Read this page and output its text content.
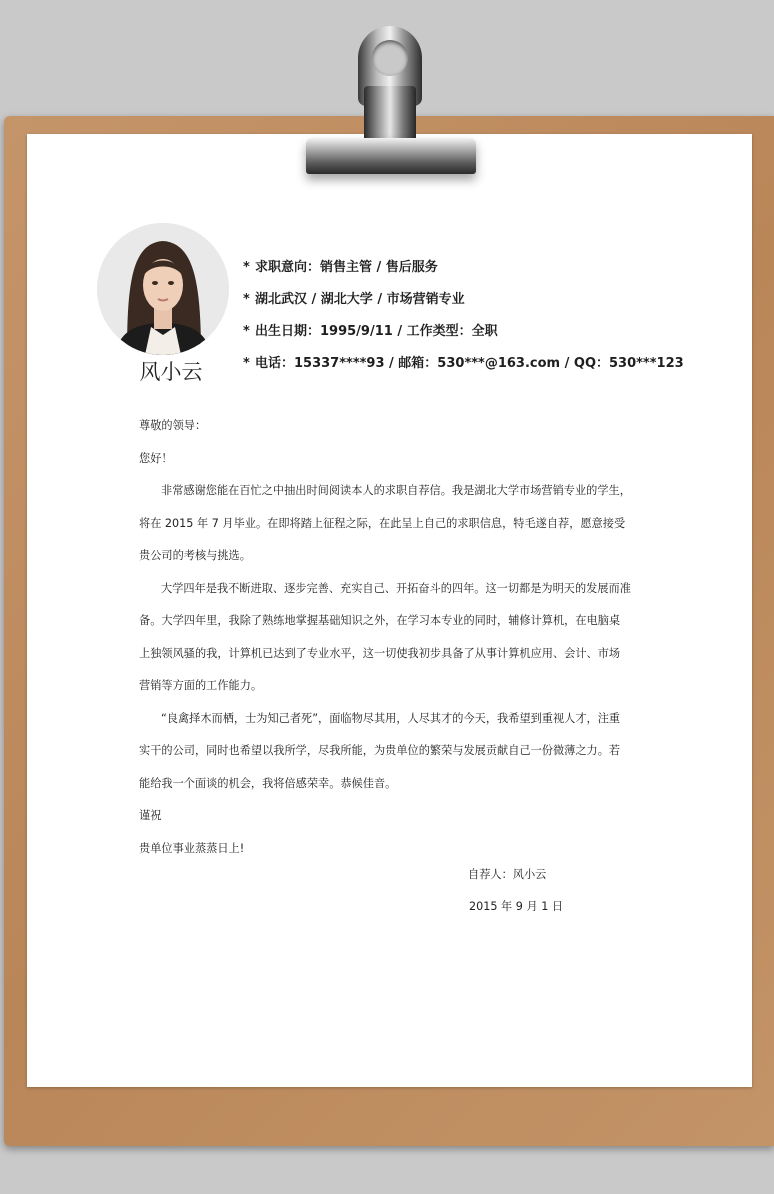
风小云
* 求职意向：销售主管 / 售后服务
* 湖北武汉 / 湖北大学 / 市场营销专业
* 出生日期：1995/9/11 / 工作类型：全职
* 电话：15337****93 / 邮箱：530***@163.com / QQ：530***123
尊敬的领导：
您好！
非常感谢您能在百忙之中抽出时间阅读本人的求职自荐信。我是湖北大学市场营销专业的学生，将在 2015 年 7 月毕业。在即将踏上征程之际，在此呈上自己的求职信息，特毛遂自荐，愿意接受贵公司的考核与挑选。
大学四年是我不断进取、逐步完善、充实自己、开拓奋斗的四年。这一切都是为明天的发展而准备。大学四年里，我除了熟练地掌握基础知识之外，在学习本专业的同时，辅修计算机，在电脑桌上独领风骚的我，计算机已达到了专业水平，这一切使我初步具备了从事计算机应用、会计、市场营销等方面的工作能力。
“良禽择木而栖，士为知己者死”，面临物尽其用，人尽其才的今天，我希望到重视人才，注重实干的公司，同时也希望以我所学，尽我所能，为贵单位的繁荣与发展贡献自己一份微薄之力。若能给我一个面谈的机会，我将倍感荣幸。恭候佳音。
谨祝
贵单位事业蒸蒸日上!
自荐人：风小云
2015 年 9 月 1 日
